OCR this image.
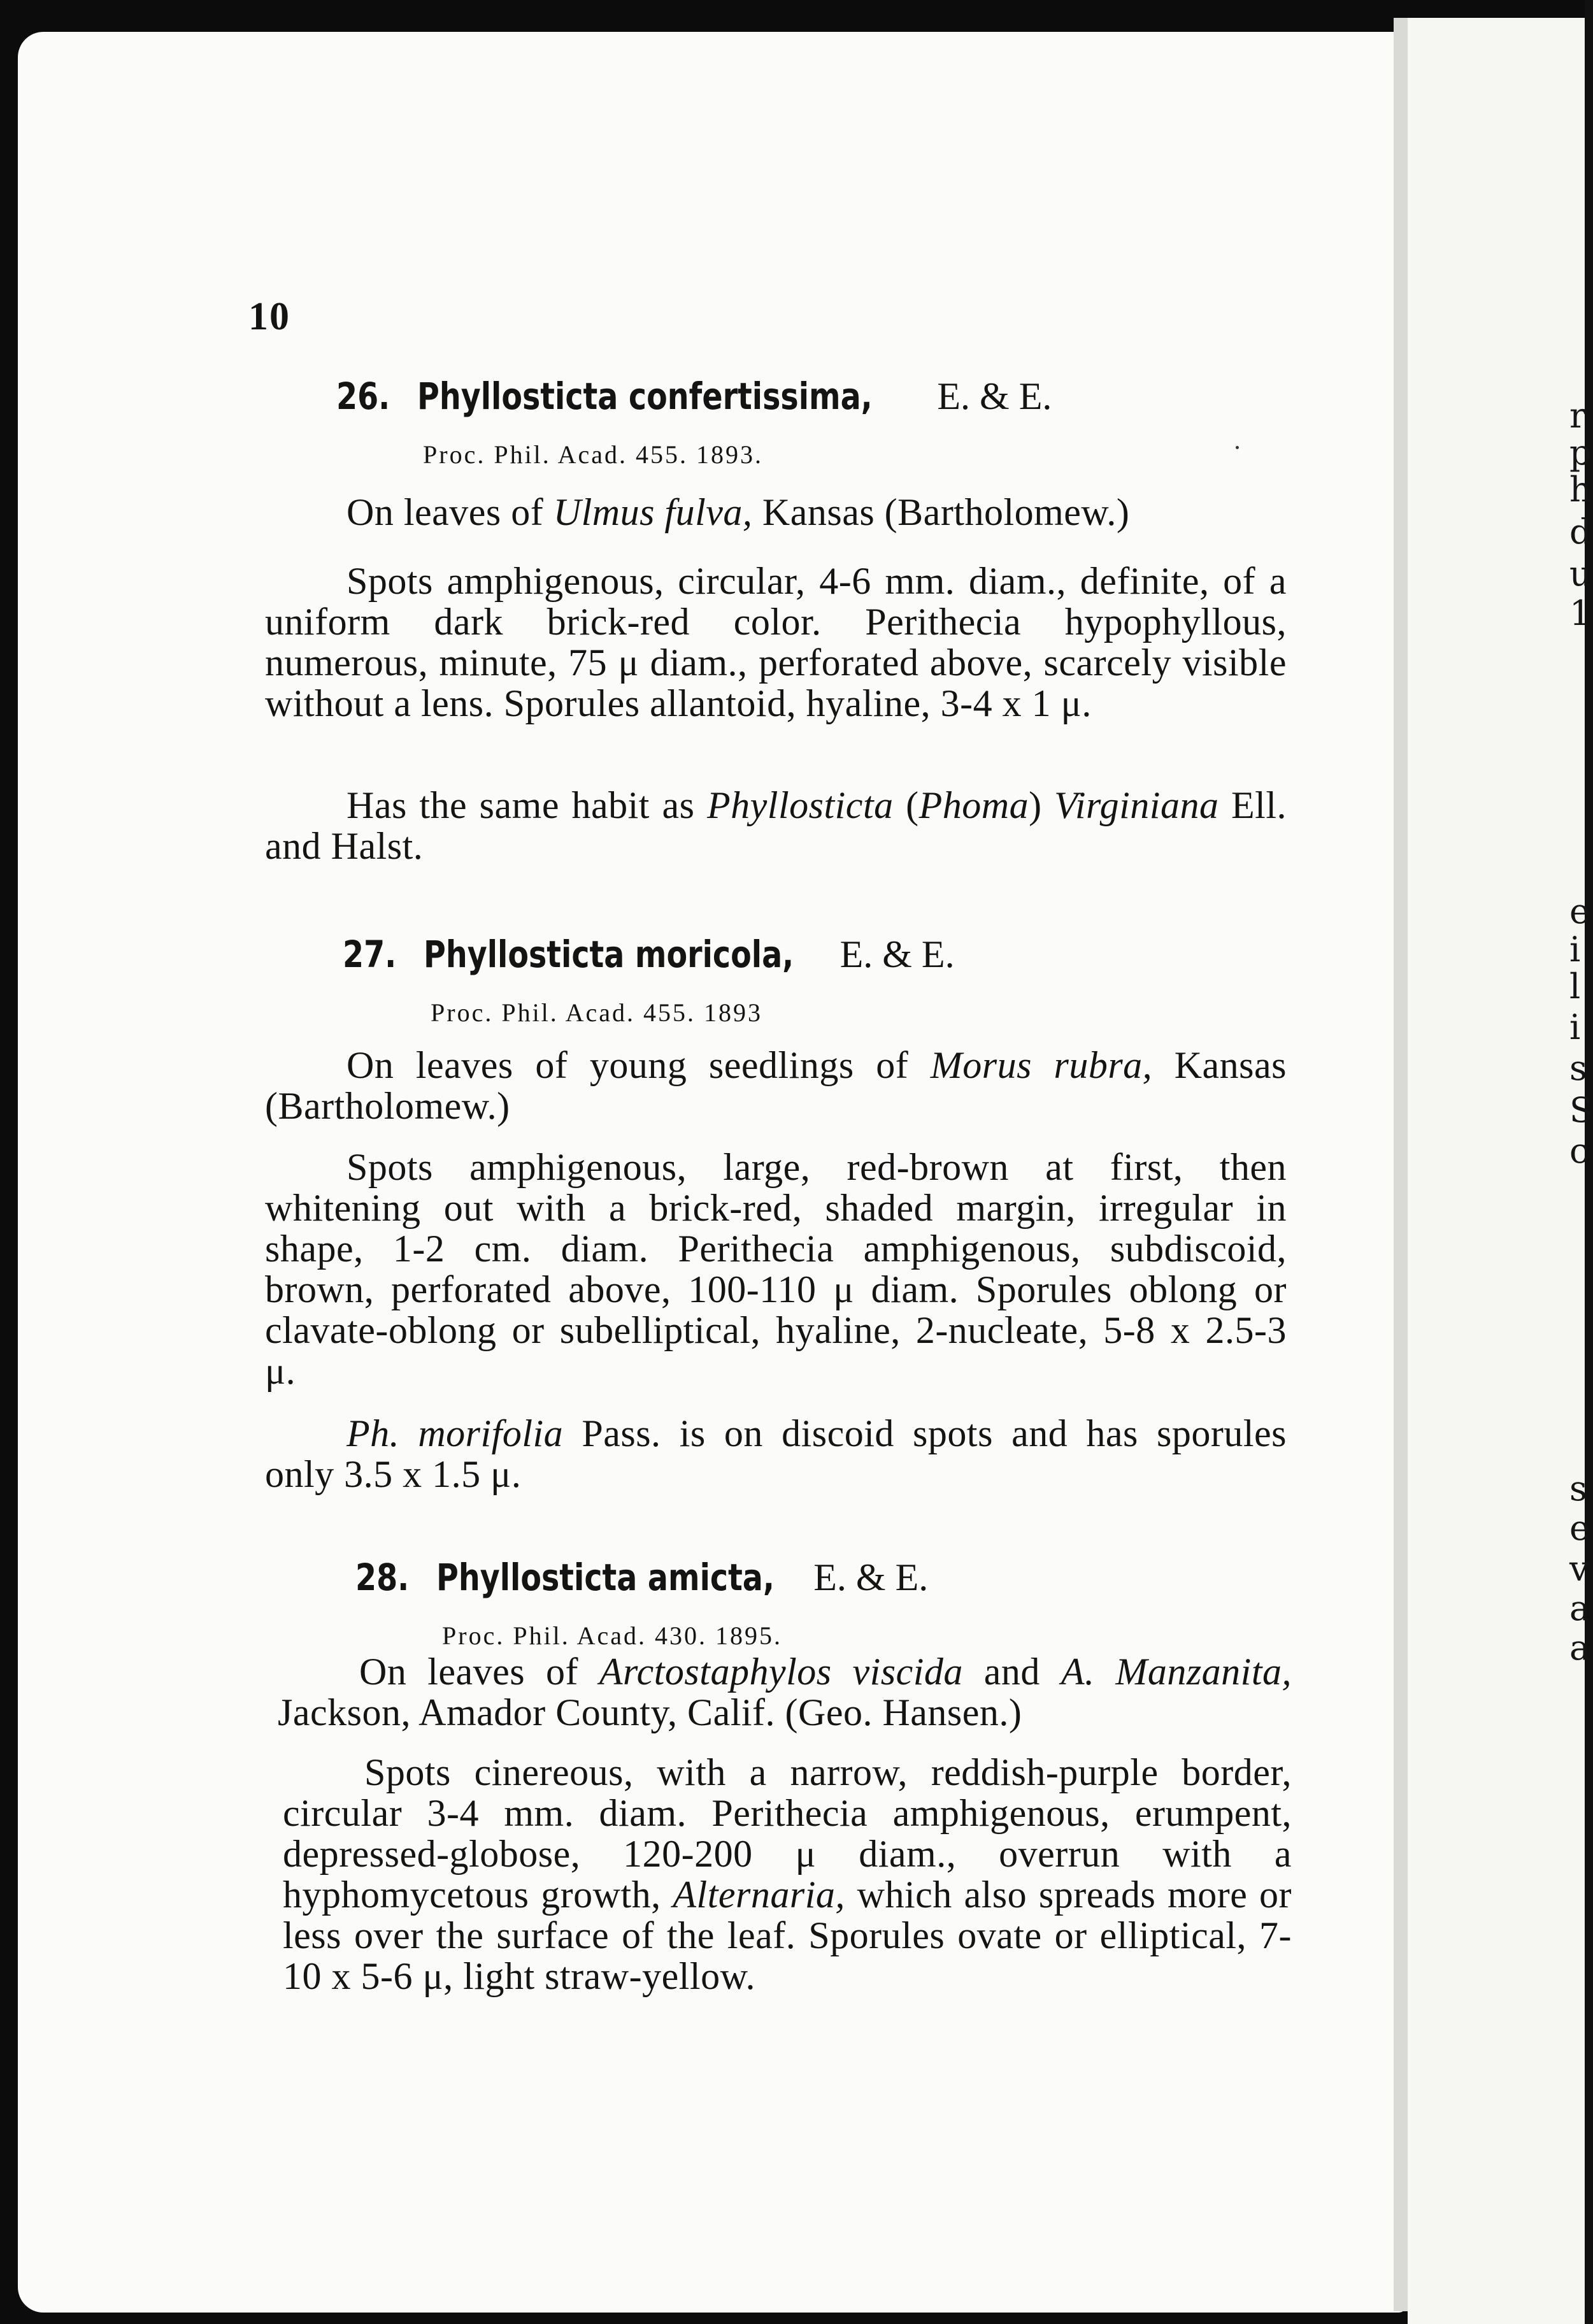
10
26. Phyllosticta confertissima, E. & E.
Proc. Phil. Acad. 455. 1893.
On leaves of Ulmus fulva, Kansas (Bartholomew.)
Spots amphigenous, circular, 4-6 mm. diam., definite, of a uniform dark brick-red color. Perithecia hypophyllous, numerous, minute, 75 μ diam., perforated above, scarcely visible without a lens. Sporules allantoid, hyaline, 3-4 x 1 μ.
Has the same habit as Phyllosticta (Phoma) Virginiana Ell. and Halst.
27. Phyllosticta moricola, E. & E.
Proc. Phil. Acad. 455. 1893
On leaves of young seedlings of Morus rubra, Kansas (Bartholomew.)
Spots amphigenous, large, red-brown at first, then whitening out with a brick-red, shaded margin, irregular in shape, 1-2 cm. diam. Perithecia amphigenous, subdiscoid, brown, perforated above, 100-110 μ diam. Sporules oblong or clavate-oblong or subelliptical, hyaline, 2-nucleate, 5-8 x 2.5-3 μ.
Ph. morifolia Pass. is on discoid spots and has sporules only 3.5 x 1.5 μ.
28. Phyllosticta amicta, E. & E.
Proc. Phil. Acad. 430. 1895.
On leaves of Arctostaphylos viscida and A. Manzanita, Jackson, Amador County, Calif. (Geo. Hansen.)
Spots cinereous, with a narrow, reddish-purple border, circular 3-4 mm. diam. Perithecia amphigenous, erumpent, depressed-globose, 120-200 μ diam., overrun with a hyphomycetous growth, Alternaria, which also spreads more or less over the surface of the leaf. Sporules ovate or elliptical, 7-10 x 5-6 μ, light straw-yellow.
r
p
h
d
u
1
e
i
l
i
s
S
c
s
e
v
a
a
